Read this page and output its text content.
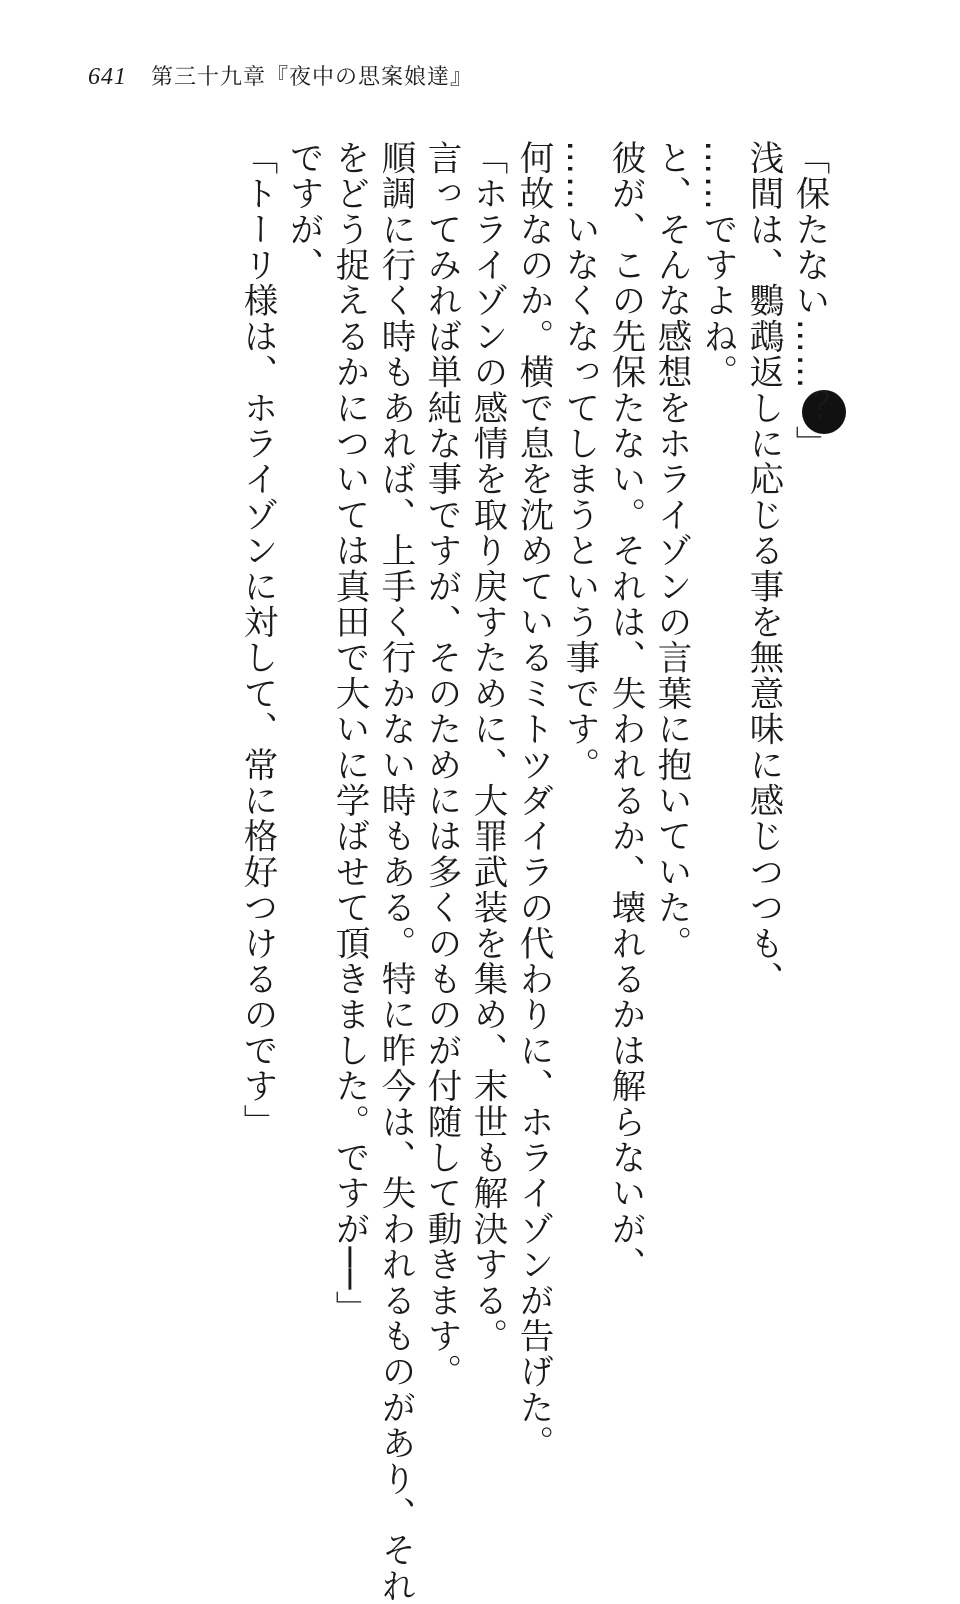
641 第三十九章『夜中の思案娘達』

「保たない……？」

浅間は、鸚鵡返しに応じる事を無意味に感じつつも、

……ですよね。

と、そんな感想をホライゾンの言葉に抱いていた。

彼が、この先保たない。それは、失われるか、壊れるかは解らないが、

……いなくなってしまうという事です。

何故なのか。横で息を沈めているミトツダイラの代わりに、ホライゾンが告げた。

「ホライゾンの感情を取り戻すために、大罪武装を集め、末世も解決する。

言ってみれば単純な事ですが、そのためには多くのものが付随して動きます。

順調に行く時もあれば、上手く行かない時もある。特に昨今は、失われるものがあり、それ

をどう捉えるかについては真田で大いに学ばせて頂きました。ですが──」

ですが、

「トーリ様は、ホライゾンに対して、常に格好つけるのです」
